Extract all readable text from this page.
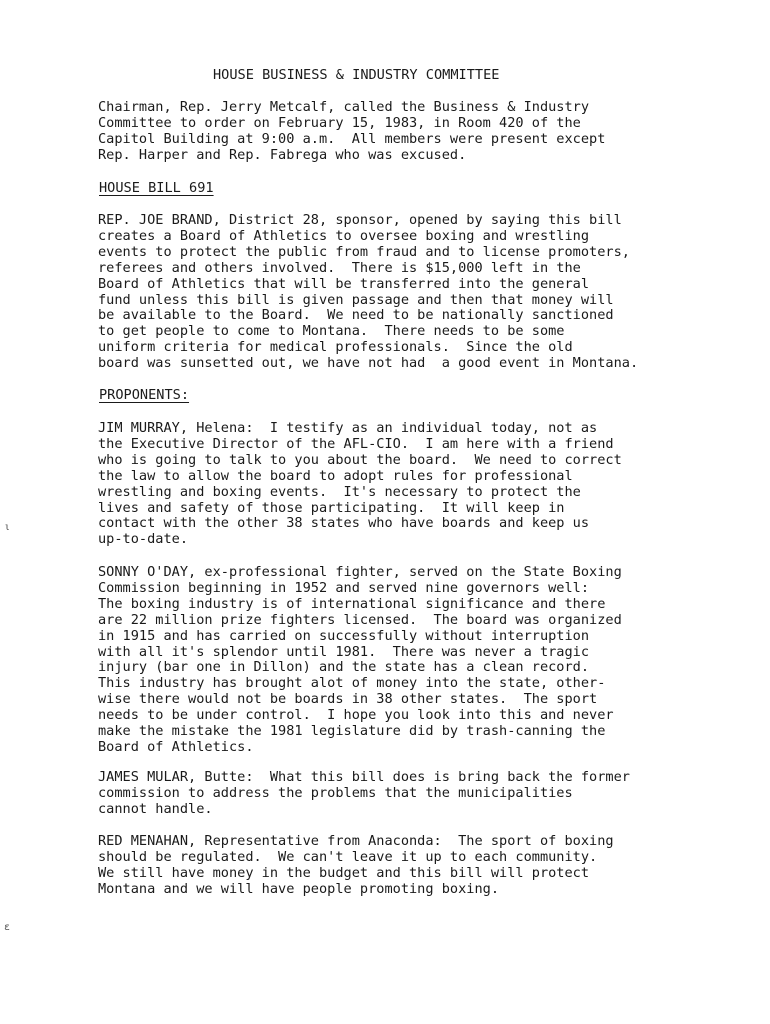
HOUSE BUSINESS & INDUSTRY COMMITTEE

Chairman, Rep. Jerry Metcalf, called the Business & Industry
Committee to order on February 15, 1983, in Room 420 of the
Capitol Building at 9:00 a.m.  All members were present except
Rep. Harper and Rep. Fabrega who was excused.

HOUSE BILL 691

REP. JOE BRAND, District 28, sponsor, opened by saying this bill
creates a Board of Athletics to oversee boxing and wrestling
events to protect the public from fraud and to license promoters,
referees and others involved.  There is $15,000 left in the
Board of Athletics that will be transferred into the general
fund unless this bill is given passage and then that money will
be available to the Board.  We need to be nationally sanctioned
to get people to come to Montana.  There needs to be some
uniform criteria for medical professionals.  Since the old
board was sunsetted out, we have not had  a good event in Montana.

PROPONENTS:

JIM MURRAY, Helena:  I testify as an individual today, not as
the Executive Director of the AFL-CIO.  I am here with a friend
who is going to talk to you about the board.  We need to correct
the law to allow the board to adopt rules for professional
wrestling and boxing events.  It's necessary to protect the
lives and safety of those participating.  It will keep in
contact with the other 38 states who have boards and keep us
up-to-date.

SONNY O'DAY, ex-professional fighter, served on the State Boxing
Commission beginning in 1952 and served nine governors well:
The boxing industry is of international significance and there
are 22 million prize fighters licensed.  The board was organized
in 1915 and has carried on successfully without interruption
with all it's splendor until 1981.  There was never a tragic
injury (bar one in Dillon) and the state has a clean record.
This industry has brought alot of money into the state, other-
wise there would not be boards in 38 other states.  The sport
needs to be under control.  I hope you look into this and never
make the mistake the 1981 legislature did by trash-canning the
Board of Athletics.

JAMES MULAR, Butte:  What this bill does is bring back the former
commission to address the problems that the municipalities
cannot handle.

RED MENAHAN, Representative from Anaconda:  The sport of boxing
should be regulated.  We can't leave it up to each community.
We still have money in the budget and this bill will protect
Montana and we will have people promoting boxing.

ι
ε
